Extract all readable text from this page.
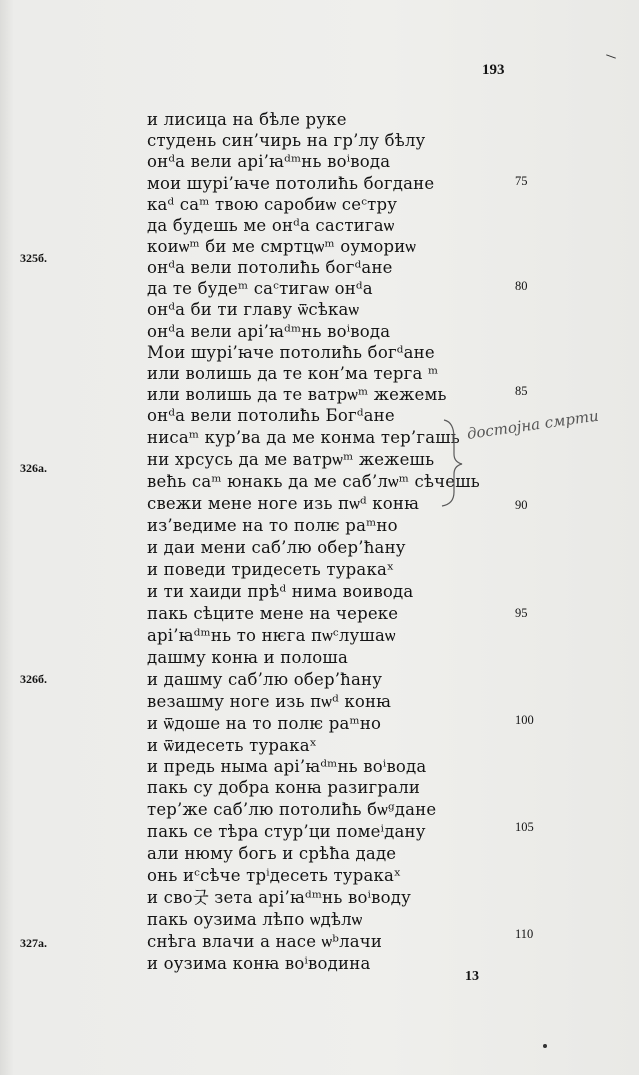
193
325б.
326а.
326б.
327а.
75
80
85
90
95
100
105
110
и лисица на бѣле руке
студень син’чирь на гр’лу бѣлу
онᵈа вели арі’ꙗᵈᵐнь воⁱвода
мои шурі’ꙗче потолиħь богдане
каᵈ саᵐ твою саробиѡ сеᶜтру
да будешь ме онᵈа састигаѡ
коиѡᵐ би ме смртцѡᵐ оумориѡ
онᵈа вели потолиħь богᵈане
да те будеᵐ саᶜтигаѡ онᵈа
онᵈа би ти главу ѿсѣкаѡ
онᵈа вели арі’ꙗᵈᵐнь воⁱвода
Мои шурі’ꙗче потолиħь богᵈане
или волишь да те кон’ма терга ᵐ
или волишь да те ватрѡᵐ жежемь
онᵈа вели потолиħь Богᵈане
нисаᵐ кур’ва да ме конма тер’гашь
ни хрсусь да ме ватрѡᵐ жежешь
веħь саᵐ юнакь да ме саб’лѡᵐ сѣчешь
свежи мене ноге изь пѡᵈ конꙗ
из’ведиме на то полѥ раᵐно
и даи мени саб’лю обер’ħану
и поведи тридесеть туракаˣ
и ти хаиди прѣᵈ нима воивода
пакь сѣците мене на череке
арі’ꙗᵈᵐнь то нѥга пѡᶜлушаѡ
дашму конꙗ и полоша
и дашму саб’лю обер’ħану
везашму ноге изь пѡᵈ конꙗ
и ѿдоше на то полѥ раᵐно
и ѿидесеть туракаˣ
и предь ныма арі’ꙗᵈᵐнь воⁱвода
пакь су добра конꙗ разиграли
тер’же саб’лю потолиħь бѡᵍдане
пакь се тѣра стур’ци помеⁱдану
али нюму богь и срѣħа даде
онь иᶜсѣче трⁱдесеть туракаˣ
и сво굿 зета арі’ꙗᵈᵐнь воⁱводу
пакь оузима лѣпо ѡдѣлѡ
снѣга влачи а насе ѡᵇлачи
и оузима конꙗ воⁱводина
достојна смрти
13
